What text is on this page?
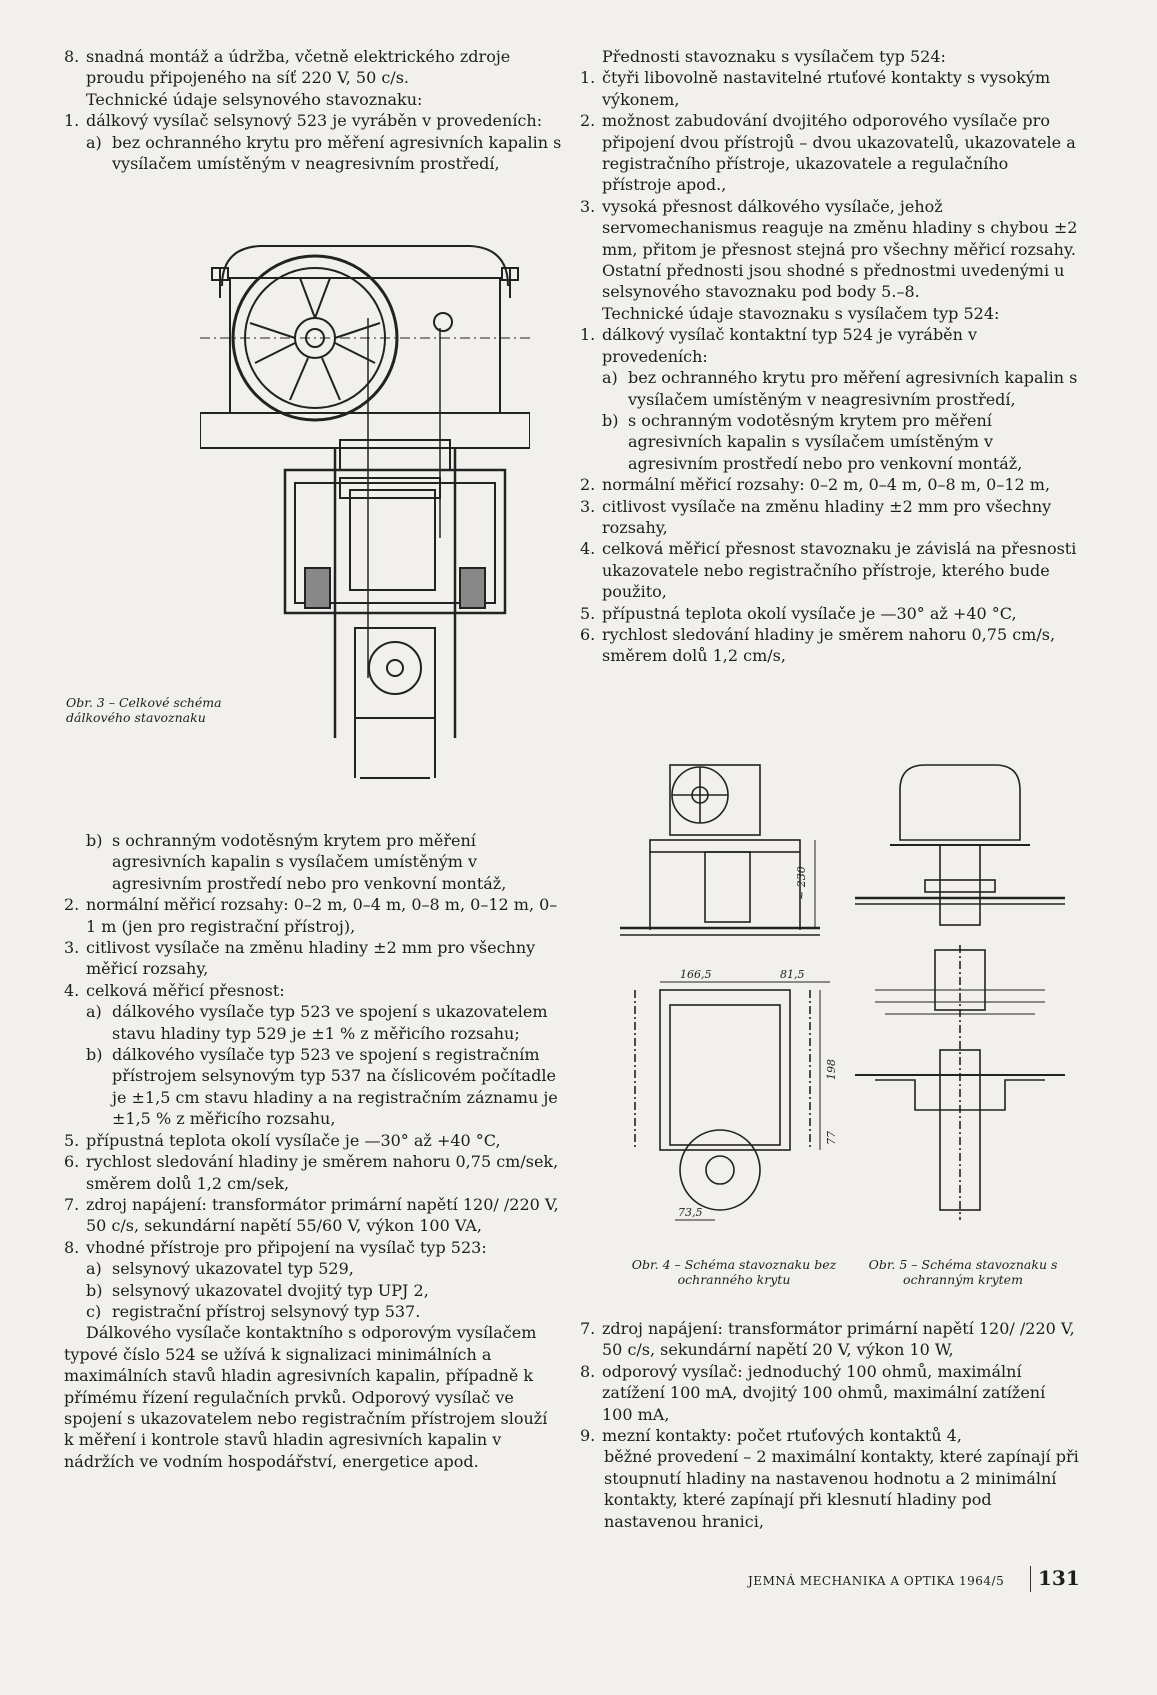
8. snadná montáž a údržba, včetně elektrického zdroje proudu připojeného na síť 220 V, 50 c/s.

Technické údaje selsynového stavoznaku:

1. dálkový vysílač selsynový 523 je vyráběn v provedeních:

a) bez ochranného krytu pro měření agresivních kapalin s vysílačem umístěným v neagresivním prostředí,

Obr. 3 – Celkové schéma dálkového stavoznaku

b) s ochranným vodotěsným krytem pro měření agresivních kapalin s vysílačem umístěným v agresivním prostředí nebo pro venkovní montáž,

2. normální měřicí rozsahy: 0–2 m, 0–4 m, 0–8 m, 0–12 m, 0–1 m (jen pro registrační přístroj),

3. citlivost vysílače na změnu hladiny ±2 mm pro všechny měřicí rozsahy,

4. celková měřicí přesnost:

a) dálkového vysílače typ 523 ve spojení s ukazovatelem stavu hladiny typ 529 je ±1 % z měřicího rozsahu;

b) dálkového vysílače typ 523 ve spojení s registračním přístrojem selsynovým typ 537 na číslicovém počítadle je ±1,5 cm stavu hladiny a na registračním záznamu je ±1,5 % z měřicího rozsahu,

5. přípustná teplota okolí vysílače je —30° až +40 °C,

6. rychlost sledování hladiny je směrem nahoru 0,75 cm/sek, směrem dolů 1,2 cm/sek,

7. zdroj napájení: transformátor primární napětí 120/ /220 V, 50 c/s, sekundární napětí 55/60 V, výkon 100 VA,

8. vhodné přístroje pro připojení na vysílač typ 523:

a) selsynový ukazovatel typ 529,

b) selsynový ukazovatel dvojitý typ UPJ 2,

c) registrační přístroj selsynový typ 537.

Dálkového vysílače kontaktního s odporovým vysílačem typové číslo 524 se užívá k signalizaci minimálních a maximálních stavů hladin agresivních kapalin, případně k přímému řízení regulačních prvků. Odporový vysílač ve spojení s ukazovatelem nebo registračním přístrojem slouží k měření i kontrole stavů hladin agresivních kapalin v nádržích ve vodním hospodářství, energetice apod.

Přednosti stavoznaku s vysílačem typ 524:

1. čtyři libovolně nastavitelné rtuťové kontakty s vysokým výkonem,

2. možnost zabudování dvojitého odporového vysílače pro připojení dvou přístrojů – dvou ukazovatelů, ukazovatele a registračního přístroje, ukazovatele a regulačního přístroje apod.,

3. vysoká přesnost dálkového vysílače, jehož servomechanismus reaguje na změnu hladiny s chybou ±2 mm, přitom je přesnost stejná pro všechny měřicí rozsahy.

Ostatní přednosti jsou shodné s přednostmi uvedenými u selsynového stavoznaku pod body 5.–8.

Technické údaje stavoznaku s vysílačem typ 524:

1. dálkový vysílač kontaktní typ 524 je vyráběn v provedeních:

a) bez ochranného krytu pro měření agresivních kapalin s vysílačem umístěným v neagresivním prostředí,

b) s ochranným vodotěsným krytem pro měření agresivních kapalin s vysílačem umístěným v agresivním prostředí nebo pro venkovní montáž,

2. normální měřicí rozsahy: 0–2 m, 0–4 m, 0–8 m, 0–12 m,

3. citlivost vysílače na změnu hladiny ±2 mm pro všechny rozsahy,

4. celková měřicí přesnost stavoznaku je závislá na přesnosti ukazovatele nebo registračního přístroje, kterého bude použito,

5. přípustná teplota okolí vysílače je —30° až +40 °C,

6. rychlost sledování hladiny je směrem nahoru 0,75 cm/s, směrem dolů 1,2 cm/s,

~ 230
166,5	81,5
198
77
73,5
Obr. 4 – Schéma stavoznaku bez ochranného krytu
Obr. 5 – Schéma stavoznaku s ochranným krytem

7. zdroj napájení: transformátor primární napětí 120/ /220 V, 50 c/s, sekundární napětí 20 V, výkon 10 W,

8. odporový vysílač: jednoduchý 100 ohmů, maximální zatížení 100 mA, dvojitý 100 ohmů, maximální zatížení 100 mA,

9. mezní kontakty: počet rtuťových kontaktů 4,

běžné provedení – 2 maximální kontakty, které zapínají při stoupnutí hladiny na nastavenou hodnotu a 2 minimální kontakty, které zapínají při klesnutí hladiny pod nastavenou hranici,

JEMNÁ MECHANIKA A OPTIKA 1964/5 131
